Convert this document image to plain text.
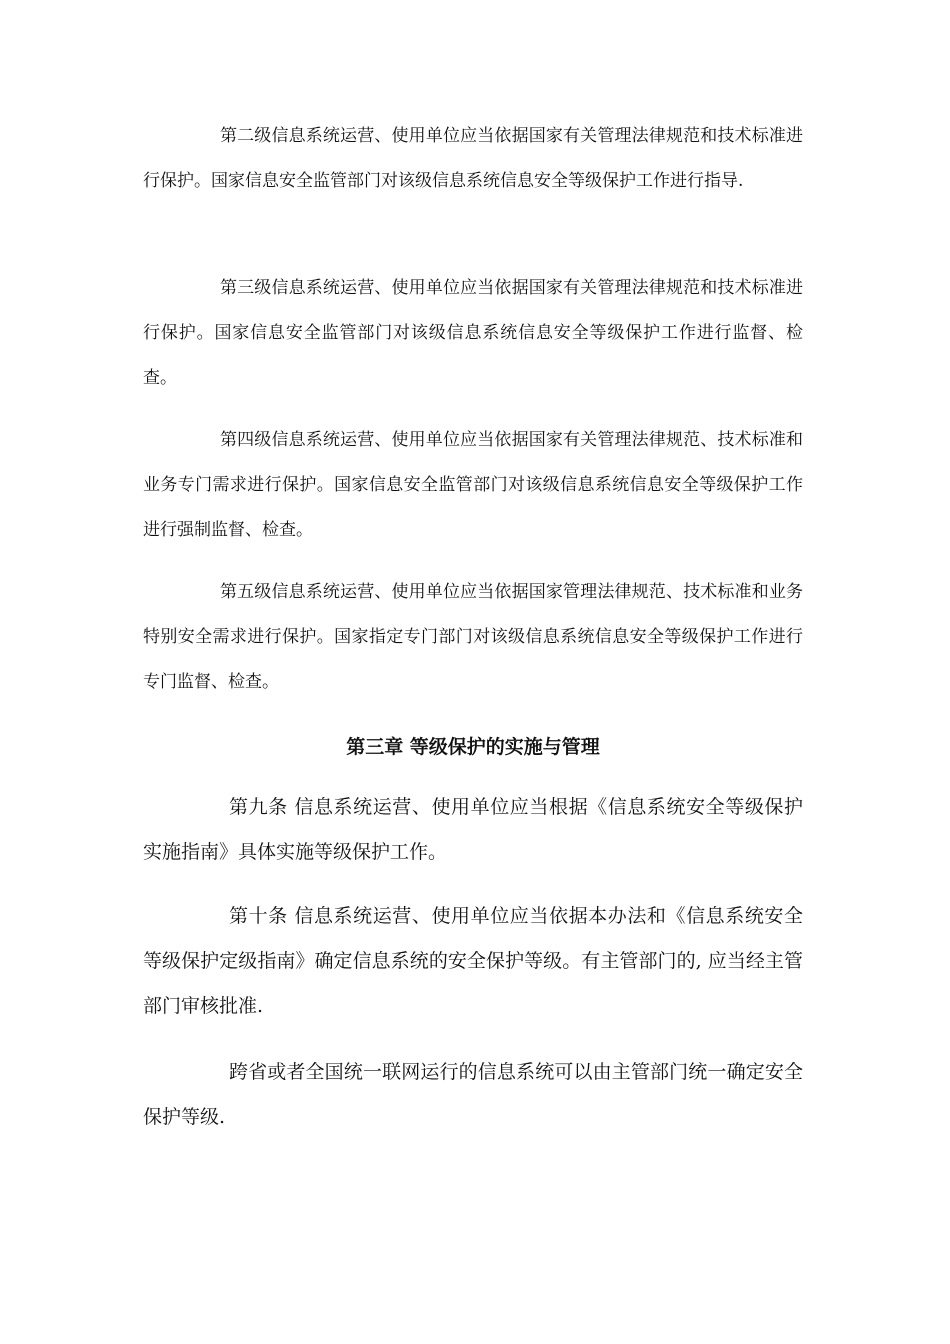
第二级信息系统运营、使用单位应当依据国家有关管理法律规范和技术标准进行保护。国家信息安全监管部门对该级信息系统信息安全等级保护工作进行指导.

第三级信息系统运营、使用单位应当依据国家有关管理法律规范和技术标准进行保护。国家信息安全监管部门对该级信息系统信息安全等级保护工作进行监督、检查。

第四级信息系统运营、使用单位应当依据国家有关管理法律规范、技术标准和业务专门需求进行保护。国家信息安全监管部门对该级信息系统信息安全等级保护工作进行强制监督、检查。

第五级信息系统运营、使用单位应当依据国家管理法律规范、技术标准和业务特别安全需求进行保护。国家指定专门部门对该级信息系统信息安全等级保护工作进行专门监督、检查。

第三章 等级保护的实施与管理

第九条 信息系统运营、使用单位应当根据《信息系统安全等级保护实施指南》具体实施等级保护工作。

第十条 信息系统运营、使用单位应当依据本办法和《信息系统安全等级保护定级指南》确定信息系统的安全保护等级。有主管部门的, 应当经主管部门审核批准.

跨省或者全国统一联网运行的信息系统可以由主管部门统一确定安全保护等级.
